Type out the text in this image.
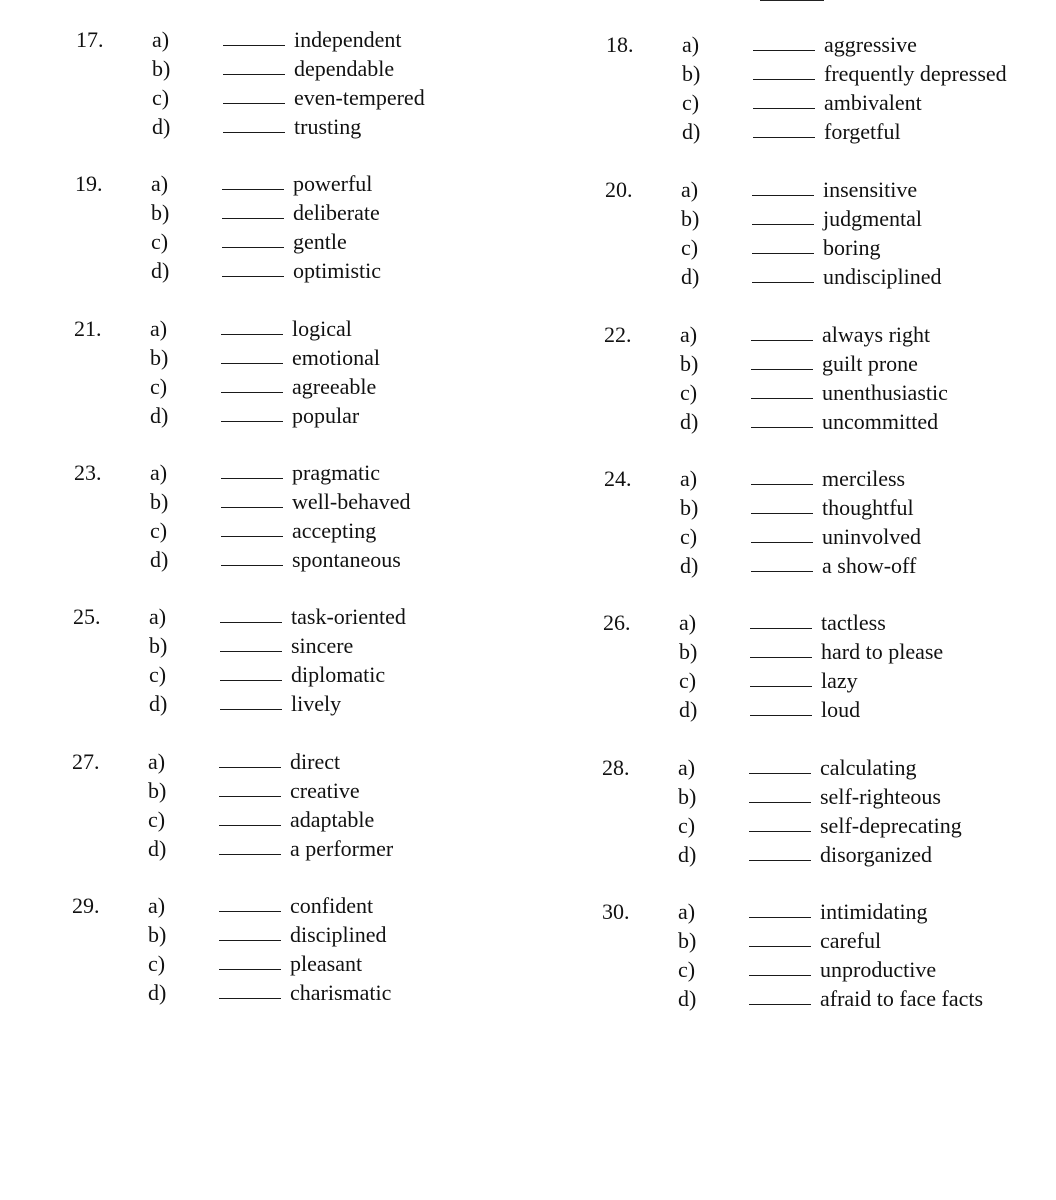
17. a)	independent
b)	dependable
c)	even-tempered
d)	trusting
18. a)	aggressive
b)	frequently depressed
c)	ambivalent
d)	forgetful
19. a)	powerful
b)	deliberate
c)	gentle
d)	optimistic
20. a)	insensitive
b)	judgmental
c)	boring
d)	undisciplined
21. a)	logical
b)	emotional
c)	agreeable
d)	popular
22. a)	always right
b)	guilt prone
c)	unenthusiastic
d)	uncommitted
23. a)	pragmatic
b)	well-behaved
c)	accepting
d)	spontaneous
24. a)	merciless
b)	thoughtful
c)	uninvolved
d)	a show-off
25. a)	task-oriented
b)	sincere
c)	diplomatic
d)	lively
26. a)	tactless
b)	hard to please
c)	lazy
d)	loud
27. a)	direct
b)	creative
c)	adaptable
d)	a performer
28. a)	calculating
b)	self-righteous
c)	self-deprecating
d)	disorganized
29. a)	confident
b)	disciplined
c)	pleasant
d)	charismatic
30. a)	intimidating
b)	careful
c)	unproductive
d)	afraid to face facts
